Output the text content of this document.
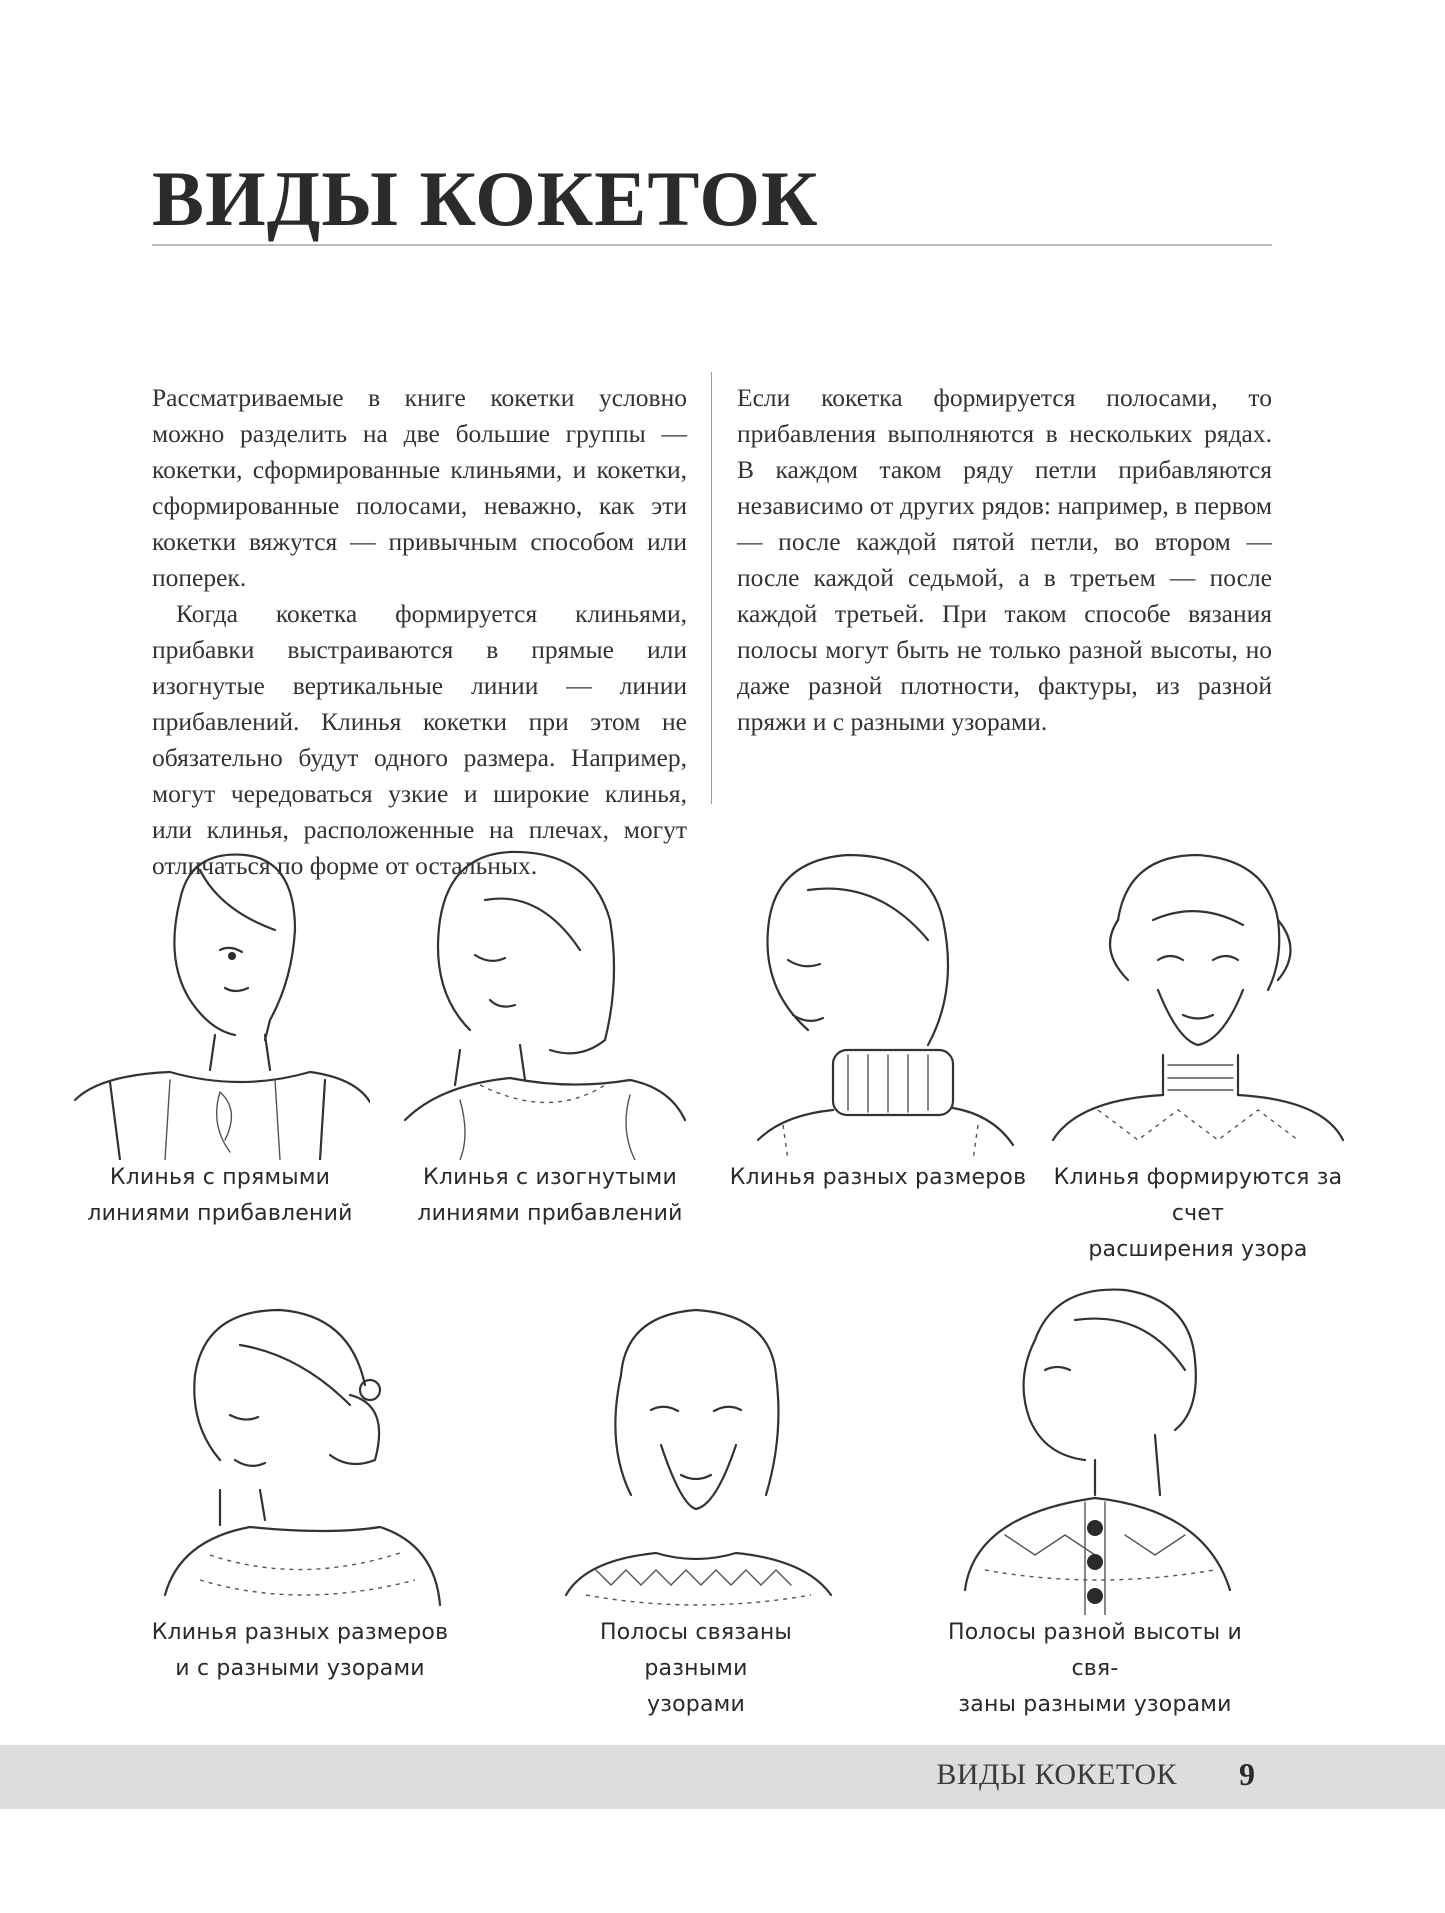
ВИДЫ КОКЕТОК

Рассматриваемые в книге кокетки условно можно разделить на две большие группы — кокетки, сформированные клиньями, и кокетки, сформированные полосами, неважно, как эти кокетки вяжутся — привычным способом или поперек.

Когда кокетка формируется клиньями, прибавки выстраиваются в прямые или изогнутые вертикальные линии — линии прибавлений. Клинья кокетки при этом не обязательно будут одного размера. Например, могут чередоваться узкие и широкие клинья, или клинья, расположенные на плечах, могут отличаться по форме от остальных.

Если кокетка формируется полосами, то прибавления выполняются в нескольких рядах. В каждом таком ряду петли прибавляются независимо от других рядов: например, в первом — после каждой пятой петли, во втором — после каждой седьмой, а в третьем — после каждой третьей. При таком способе вязания полосы могут быть не только разной высоты, но даже разной плотности, фактуры, из разной пряжи и с разными узорами.

Клинья с прямыми
линиями прибавлений
Клинья с изогнутыми
линиями прибавлений
Клинья разных размеров	Клинья формируются за счет
расширения узора
Клинья разных размеров
и с разными узорами
Полосы связаны разными
узорами
Полосы разной высоты и свя-
заны разными узорами
ВИДЫ КОКЕТОК 9
